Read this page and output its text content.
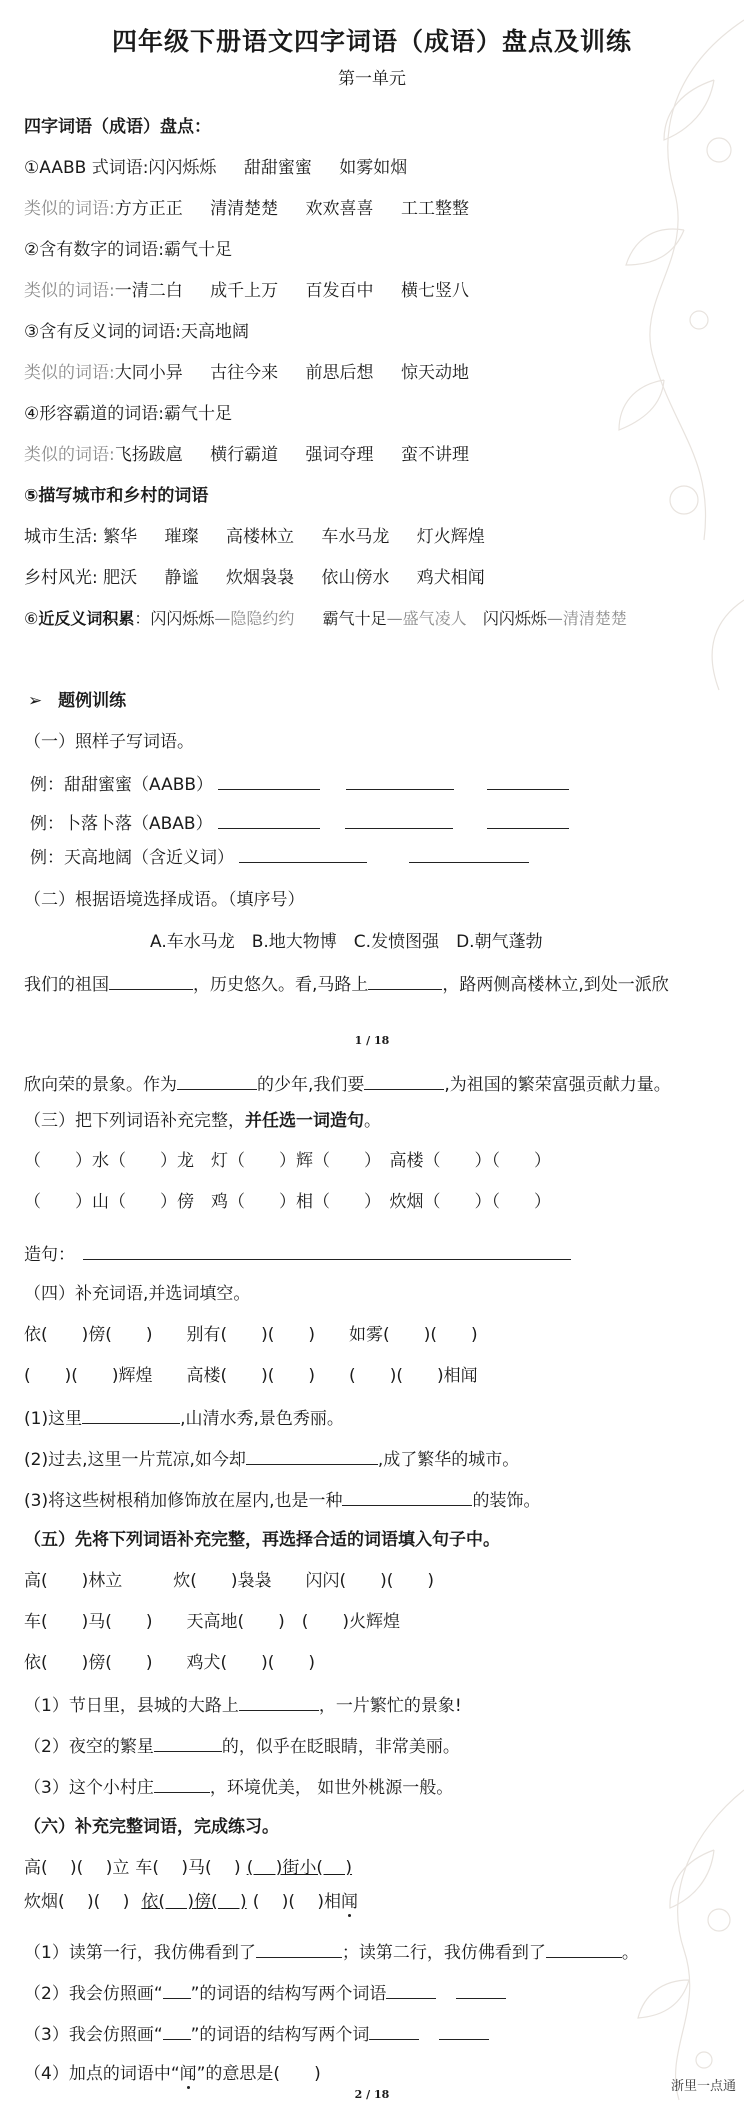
四年级下册语文四字词语（成语）盘点及训练
第一单元
四字词语（成语）盘点：
①AABB 式词语:闪闪烁烁 甜甜蜜蜜 如雾如烟
类似的词语:方方正正 清清楚楚 欢欢喜喜 工工整整
②含有数字的词语:霸气十足
类似的词语:一清二白 成千上万 百发百中 横七竖八
③含有反义词的词语:天高地阔
类似的词语:大同小异 古往今来 前思后想 惊天动地
④形容霸道的词语:霸气十足
类似的词语:飞扬跋扈 横行霸道 强词夺理 蛮不讲理
⑤描写城市和乡村的词语
城市生活: 繁华 璀璨 高楼林立 车水马龙 灯火辉煌
乡村风光: 肥沃 静谧 炊烟袅袅 依山傍水 鸡犬相闻
⑥近反义词积累：闪闪烁烁—隐隐约约 霸气十足—盛气凌人 闪闪烁烁—清清楚楚
➢ 题例训练
（一）照样子写词语。
例：甜甜蜜蜜（AABB）
例：卜落卜落（ABAB）
例：天高地阔（含近义词）
（二）根据语境选择成语。（填序号）
A.车水马龙　B.地大物博　C.发愤图强　D.朝气蓬勃
我们的祖国	，历史悠久。看,马路上	，路两侧高楼林立,到处一派欣
1 / 18
欣向荣的景象。作为	的少年,我们要	,为祖国的繁荣富强贡献力量。
（三）把下列词语补充完整，并任选一词造句。
（　　）水（　　）龙　灯（　　）辉（　　）　高楼（　　）（　　）
（　　）山（　　）傍　鸡（　　）相（　　）　炊烟（　　）（　　）
造句：
（四）补充词语,并选词填空。
依(　　)傍(　　)　　别有(　　)(　　)　　如雾(　　)(　　)
(　　)(　　)辉煌　　高楼(　　)(　　)　　(　　)(　　)相闻
(1)这里	,山清水秀,景色秀丽。
(2)过去,这里一片荒凉,如今却	,成了繁华的城市。
(3)将这些树根稍加修饰放在屋内,也是一种	的装饰。
（五）先将下列词语补充完整，再选择合适的词语填入句子中。
高(　　)林立　　　炊(　　)袅袅　　闪闪(　　)(　　)
车(　　)马(　　)　　天高地(　　)　(　　)火辉煌
依(　　)傍(　　)　　鸡犬(　　)(　　)
（1）节日里，县城的大路上	，一片繁忙的景象!
（2）夜空的繁星	的，似乎在眨眼睛，非常美丽。
（3）这个小村庄	，环境优美， 如世外桃源一般。
（六）补充完整词语，完成练习。
高(　 )(　 )立 车(　 )马(　 ) (　 )街小(　 )
炊烟(　 )(　 ) 依(　 )傍(　 ) (　 )(　 )相闻
（1）读第一行，我仿佛看到了	；读第二行，我仿佛看到了	。
（2）我会仿照画“ ”的词语的结构写两个词语
（3）我会仿照画“ ”的词语的结构写两个词
（4）加点的词语中“闻”的意思是(　　)
2 / 18
浙里一点通
